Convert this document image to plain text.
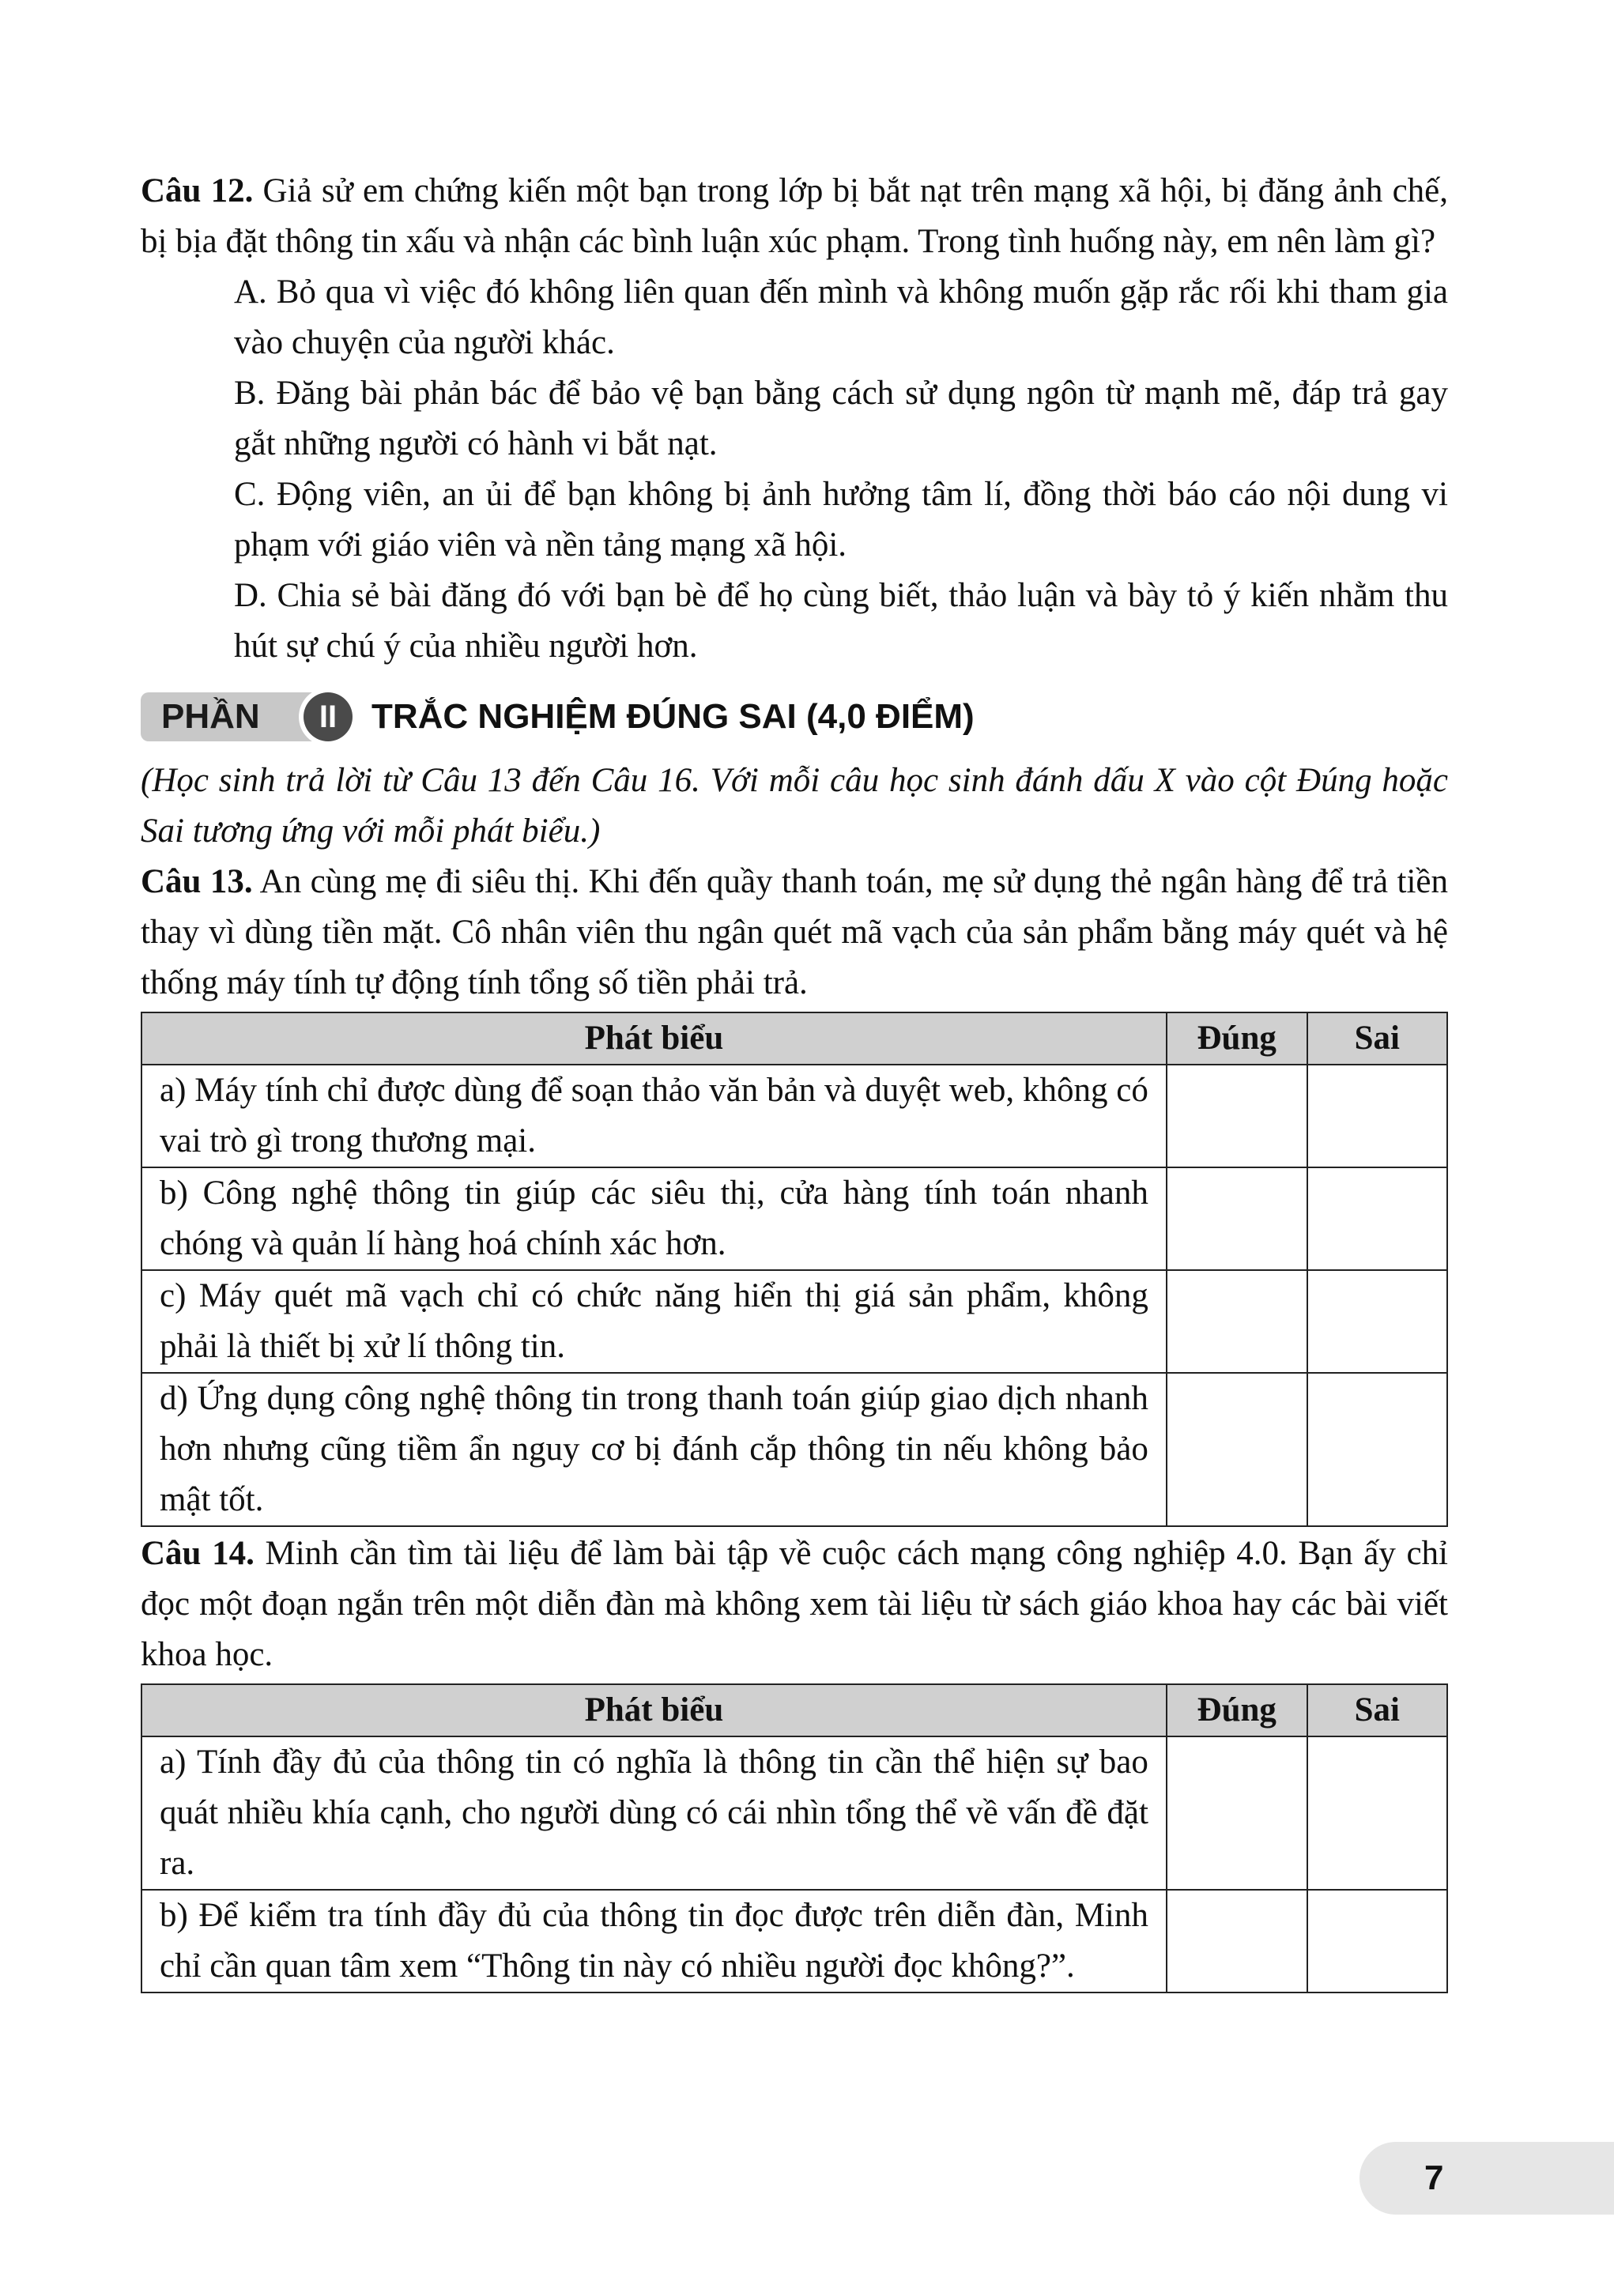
Câu 12. Giả sử em chứng kiến một bạn trong lớp bị bắt nạt trên mạng xã hội, bị đăng ảnh chế, bị bịa đặt thông tin xấu và nhận các bình luận xúc phạm. Trong tình huống này, em nên làm gì?

A. Bỏ qua vì việc đó không liên quan đến mình và không muốn gặp rắc rối khi tham gia vào chuyện của người khác.

B. Đăng bài phản bác để bảo vệ bạn bằng cách sử dụng ngôn từ mạnh mẽ, đáp trả gay gắt những người có hành vi bắt nạt.

C. Động viên, an ủi để bạn không bị ảnh hưởng tâm lí, đồng thời báo cáo nội dung vi phạm với giáo viên và nền tảng mạng xã hội.

D. Chia sẻ bài đăng đó với bạn bè để họ cùng biết, thảo luận và bày tỏ ý kiến nhằm thu hút sự chú ý của nhiều người hơn.

PHẦN	II TRẮC NGHIỆM ĐÚNG SAI (4,0 ĐIỂM)

(Học sinh trả lời từ Câu 13 đến Câu 16. Với mỗi câu học sinh đánh dấu X vào cột Đúng hoặc Sai tương ứng với mỗi phát biểu.)

Câu 13. An cùng mẹ đi siêu thị. Khi đến quầy thanh toán, mẹ sử dụng thẻ ngân hàng để trả tiền thay vì dùng tiền mặt. Cô nhân viên thu ngân quét mã vạch của sản phẩm bằng máy quét và hệ thống máy tính tự động tính tổng số tiền phải trả.

Phát biểu	Đúng	Sai
a) Máy tính chỉ được dùng để soạn thảo văn bản và duyệt web, không có vai trò gì trong thương mại.		
b) Công nghệ thông tin giúp các siêu thị, cửa hàng tính toán nhanh chóng và quản lí hàng hoá chính xác hơn.		
c) Máy quét mã vạch chỉ có chức năng hiển thị giá sản phẩm, không phải là thiết bị xử lí thông tin.		
d) Ứng dụng công nghệ thông tin trong thanh toán giúp giao dịch nhanh hơn nhưng cũng tiềm ẩn nguy cơ bị đánh cắp thông tin nếu không bảo mật tốt.		

Câu 14. Minh cần tìm tài liệu để làm bài tập về cuộc cách mạng công nghiệp 4.0. Bạn ấy chỉ đọc một đoạn ngắn trên một diễn đàn mà không xem tài liệu từ sách giáo khoa hay các bài viết khoa học.

Phát biểu	Đúng	Sai
a) Tính đầy đủ của thông tin có nghĩa là thông tin cần thể hiện sự bao quát nhiều khía cạnh, cho người dùng có cái nhìn tổng thể về vấn đề đặt ra.		
b) Để kiểm tra tính đầy đủ của thông tin đọc được trên diễn đàn, Minh chỉ cần quan tâm xem “Thông tin này có nhiều người đọc không?”.		
7
